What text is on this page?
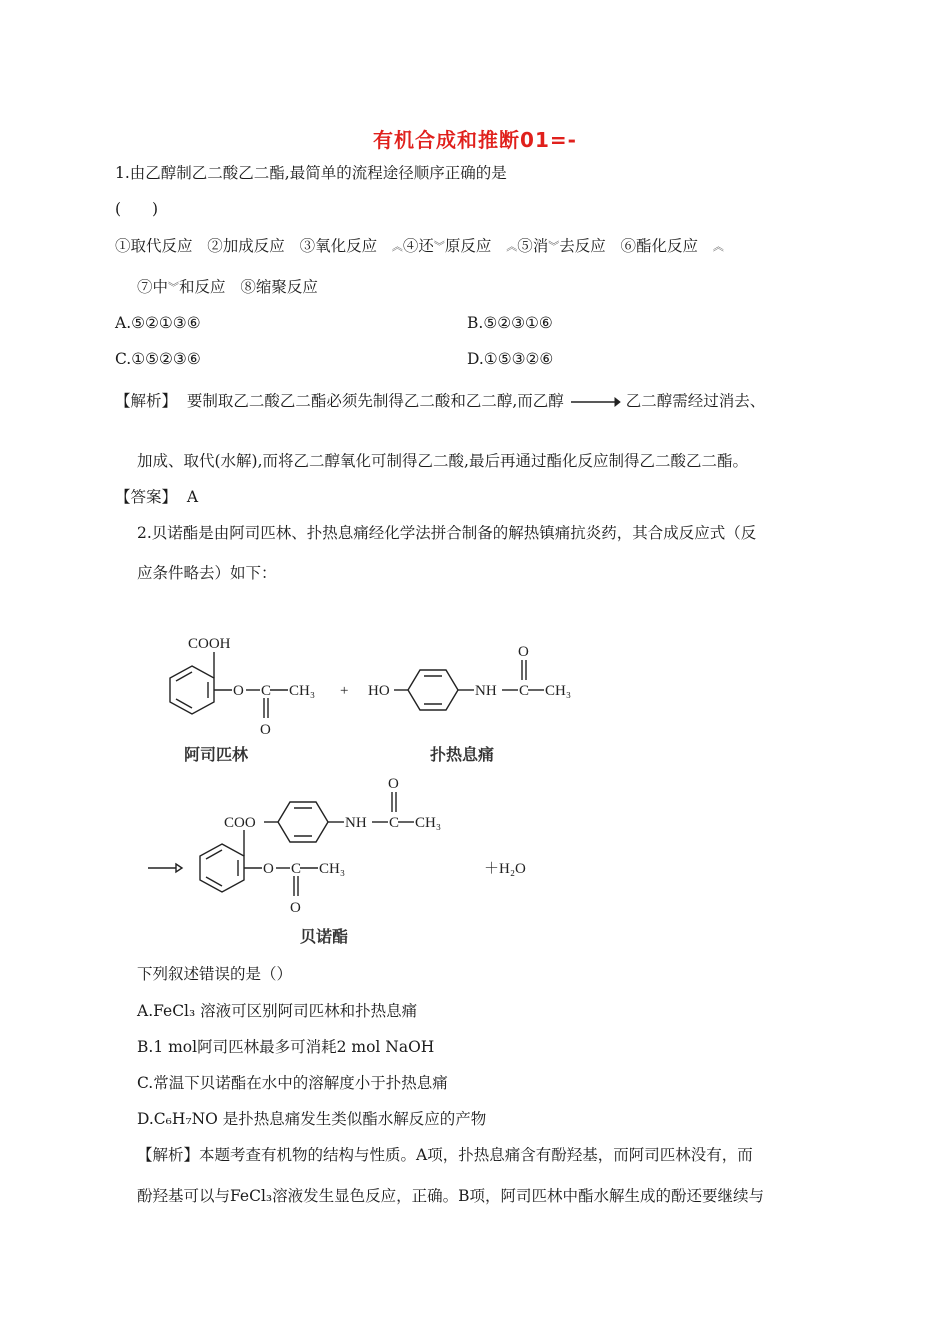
有机合成和推断01=-
1.由乙醇制乙二酸乙二酯,最简单的流程途径顺序正确的是
(　　)
①取代反应 ②加成反应 ③氧化反应 ︽④还︾原反应 ︽⑤消︾去反应 ⑥酯化反应 ︽
⑦中︾和反应 ⑧缩聚反应
A.⑤②①③⑥	B.⑤②③①⑥
C.①⑤②③⑥	D.①⑤③②⑥
【解析】 要制取乙二酸乙二酯必须先制得乙二酸和乙二醇,而乙醇	乙二醇需经过消去、
加成、取代(水解),而将乙二醇氧化可制得乙二酸,最后再通过酯化反应制得乙二酸乙二酯。
【答案】 A
2.贝诺酯是由阿司匹林、扑热息痛经化学法拼合制备的解热镇痛抗炎药，其合成反应式（反
应条件略去）如下：
COOH
O C CH₃
O
+ HO	NH C CH₃
O
阿司匹林	扑热息痛
COO	NH C CH₃
O
O C CH₃
O
＋H₂O
贝诺酯
下列叙述错误的是（）
A.FeCl₃ 溶液可区别阿司匹林和扑热息痛
B.1 mol阿司匹林最多可消耗2 mol NaOH
C.常温下贝诺酯在水中的溶解度小于扑热息痛
D.C₆H₇NO 是扑热息痛发生类似酯水解反应的产物
【解析】本题考查有机物的结构与性质。A项，扑热息痛含有酚羟基，而阿司匹林没有，而
酚羟基可以与FeCl₃溶液发生显色反应，正确。B项，阿司匹林中酯水解生成的酚还要继续与
